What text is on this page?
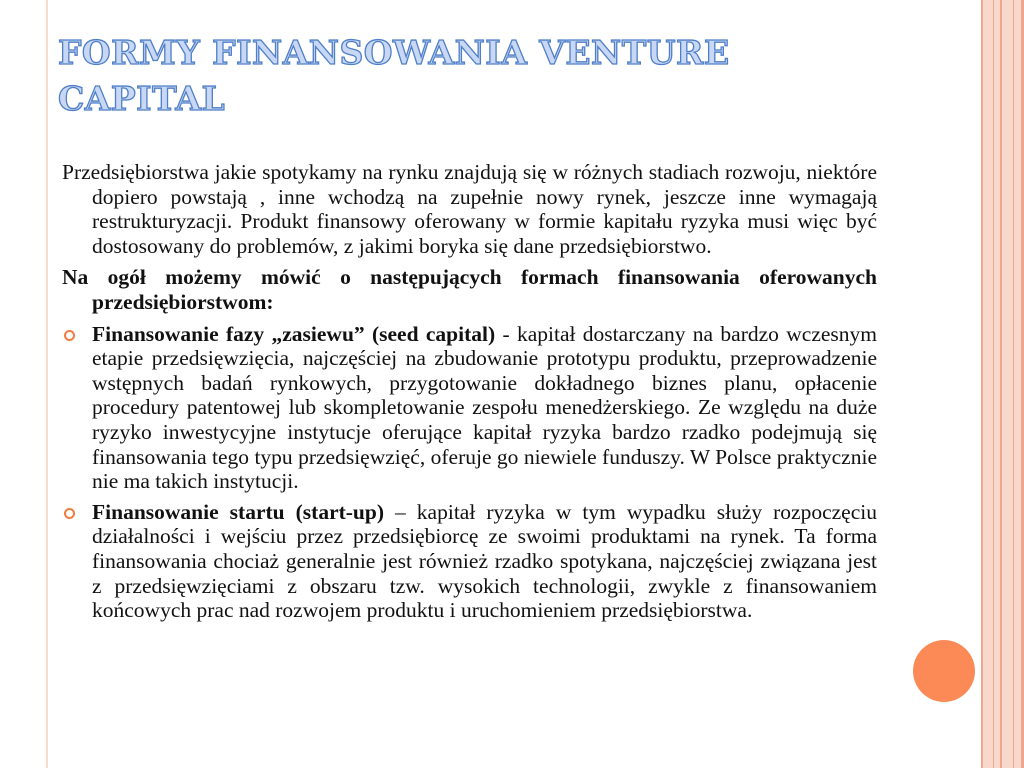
FORMY FINANSOWANIA VENTURE CAPITAL

Przedsiębiorstwa jakie spotykamy na rynku znajdują się w różnych stadiach rozwoju, niektóre dopiero powstają , inne wchodzą na zupełnie nowy rynek, jeszcze inne wymagają restrukturyzacji. Produkt finansowy oferowany w formie kapitału ryzyka musi więc być dostosowany do problemów, z jakimi boryka się dane przedsiębiorstwo.

Na ogół możemy mówić o następujących formach finansowania oferowanych przedsiębiorstwom:

Finansowanie fazy „zasiewu” (seed capital) - kapitał dostarczany na bardzo wczesnym etapie przedsięwzięcia, najczęściej na zbudowanie prototypu produktu, przeprowadzenie wstępnych badań rynkowych, przygotowanie dokładnego biznes planu, opłacenie procedury patentowej lub skompletowanie zespołu menedżerskiego. Ze względu na duże ryzyko inwestycyjne instytucje oferujące kapitał ryzyka bardzo rzadko podejmują się finansowania tego typu przedsięwzięć, oferuje go niewiele funduszy. W Polsce praktycznie nie ma takich instytucji.
Finansowanie startu (start-up) – kapitał ryzyka w tym wypadku służy rozpoczęciu działalności i wejściu przez przedsiębiorcę ze swoimi produktami na rynek. Ta forma finansowania chociaż generalnie jest również rzadko spotykana, najczęściej związana jest z przedsięwzięciami z obszaru tzw. wysokich technologii, zwykle z finansowaniem końcowych prac nad rozwojem produktu i uruchomieniem przedsiębiorstwa.
